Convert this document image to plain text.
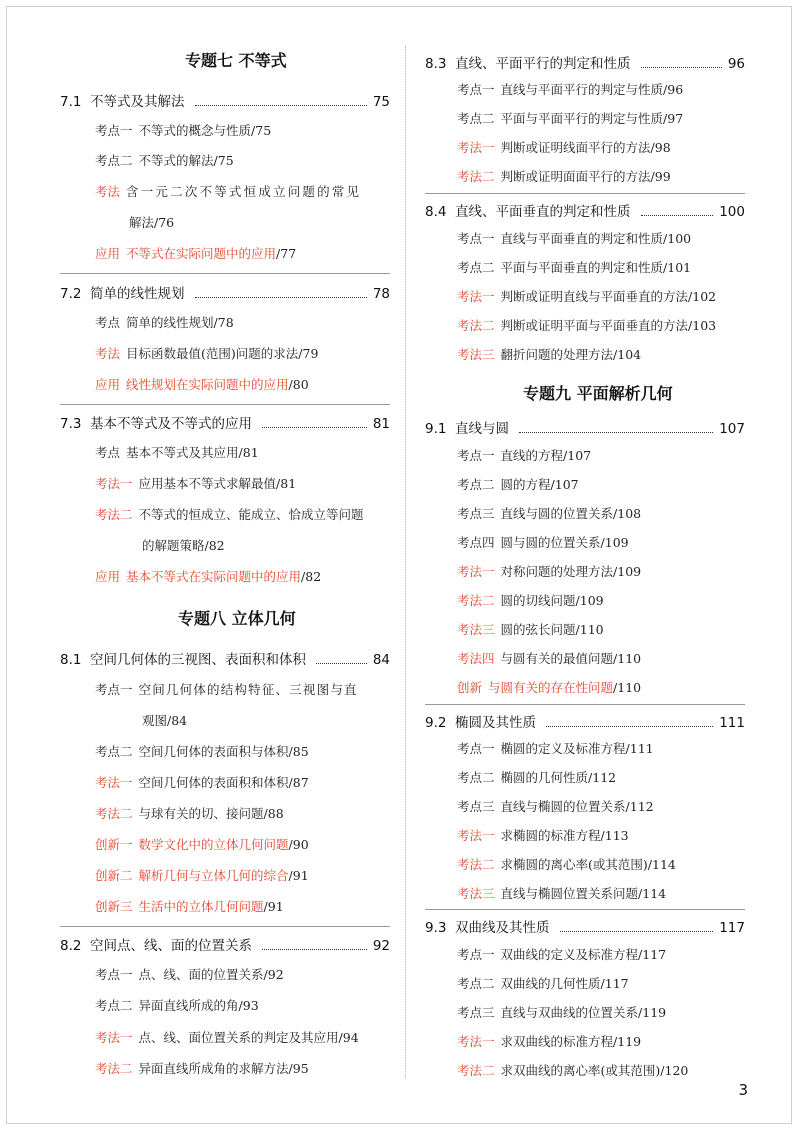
专题七 不等式
7.1 不等式及其解法	75
考点一 不等式的概念与性质/75
考点二 不等式的解法/75
考法 含一元二次不等式恒成立问题的常见
解法/76
应用 不等式在实际问题中的应用/77
7.2 简单的线性规划	78
考点 简单的线性规划/78
考法 目标函数最值(范围)问题的求法/79
应用 线性规划在实际问题中的应用/80
7.3 基本不等式及不等式的应用	81
考点 基本不等式及其应用/81
考法一 应用基本不等式求解最值/81
考法二 不等式的恒成立、能成立、恰成立等问题
的解题策略/82
应用 基本不等式在实际问题中的应用/82
专题八 立体几何
8.1 空间几何体的三视图、表面积和体积	84
考点一 空间几何体的结构特征、三视图与直
观图/84
考点二 空间几何体的表面积与体积/85
考法一 空间几何体的表面积和体积/87
考法二 与球有关的切、接问题/88
创新一 数学文化中的立体几何问题/90
创新二 解析几何与立体几何的综合/91
创新三 生活中的立体几何问题/91
8.2 空间点、线、面的位置关系	92
考点一 点、线、面的位置关系/92
考点二 异面直线所成的角/93
考法一 点、线、面位置关系的判定及其应用/94
考法二 异面直线所成角的求解方法/95
8.3 直线、平面平行的判定和性质	96
考点一 直线与平面平行的判定与性质/96
考点二 平面与平面平行的判定与性质/97
考法一 判断或证明线面平行的方法/98
考法二 判断或证明面面平行的方法/99
8.4 直线、平面垂直的判定和性质	100
考点一 直线与平面垂直的判定和性质/100
考点二 平面与平面垂直的判定和性质/101
考法一 判断或证明直线与平面垂直的方法/102
考法二 判断或证明平面与平面垂直的方法/103
考法三 翻折问题的处理方法/104
专题九 平面解析几何
9.1 直线与圆	107
考点一 直线的方程/107
考点二 圆的方程/107
考点三 直线与圆的位置关系/108
考点四 圆与圆的位置关系/109
考法一 对称问题的处理方法/109
考法二 圆的切线问题/109
考法三 圆的弦长问题/110
考法四 与圆有关的最值问题/110
创新 与圆有关的存在性问题/110
9.2 椭圆及其性质	111
考点一 椭圆的定义及标准方程/111
考点二 椭圆的几何性质/112
考点三 直线与椭圆的位置关系/112
考法一 求椭圆的标准方程/113
考法二 求椭圆的离心率(或其范围)/114
考法三 直线与椭圆位置关系问题/114
9.3 双曲线及其性质	117
考点一 双曲线的定义及标准方程/117
考点二 双曲线的几何性质/117
考点三 直线与双曲线的位置关系/119
考法一 求双曲线的标准方程/119
考法二 求双曲线的离心率(或其范围)/120
3
